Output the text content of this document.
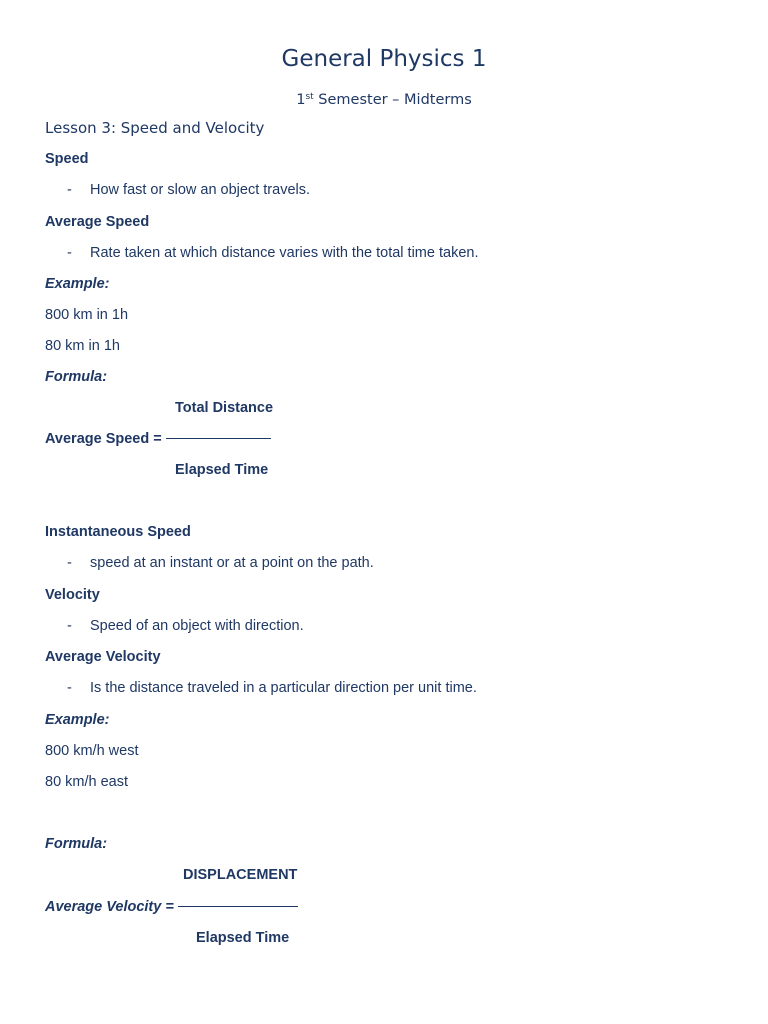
General Physics 1
1st Semester – Midterms
Lesson 3: Speed and Velocity
Speed
- How fast or slow an object travels.
Average Speed
- Rate taken at which distance varies with the total time taken.
Example:
800 km in 1h
80 km in 1h
Formula:
Total Distance
Average Speed =
Elapsed Time
Instantaneous Speed
- speed at an instant or at a point on the path.
Velocity
- Speed of an object with direction.
Average Velocity
- Is the distance traveled in a particular direction per unit time.
Example:
800 km/h west
80 km/h east
Formula:
DISPLACEMENT
Average Velocity =
Elapsed Time
